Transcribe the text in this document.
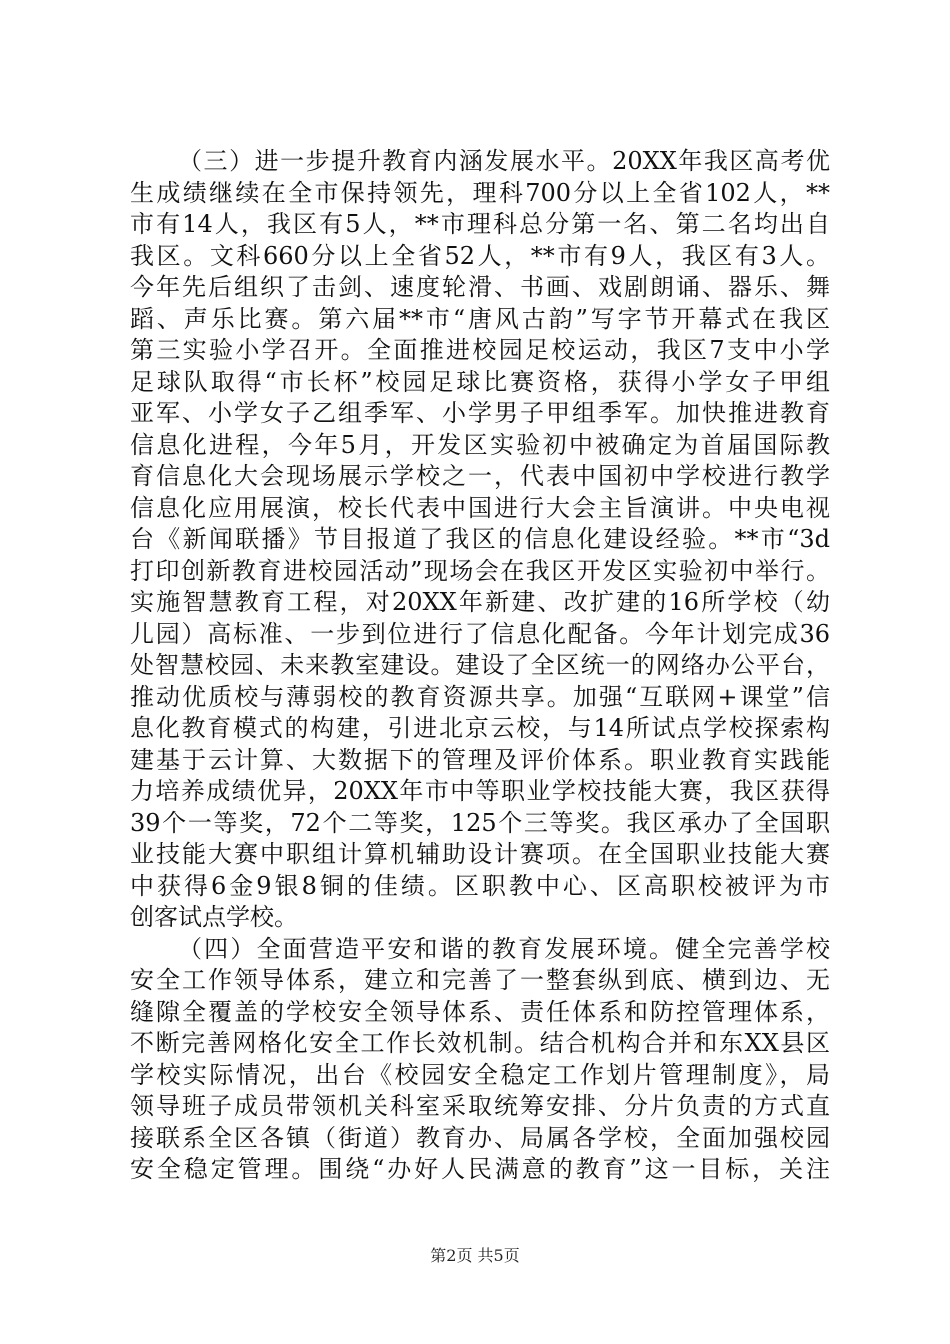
（三）进一步提升教育内涵发展水平。20XX年我区高考优
生成绩继续在全市保持领先，理科700分以上全省102人，**
市有14人，我区有5人，**市理科总分第一名、第二名均出自
我区。文科660分以上全省52人，**市有9人，我区有3人。
今年先后组织了击剑、速度轮滑、书画、戏剧朗诵、器乐、舞
蹈、声乐比赛。第六届**市“唐风古韵”写字节开幕式在我区
第三实验小学召开。全面推进校园足校运动，我区7支中小学
足球队取得“市长杯”校园足球比赛资格，获得小学女子甲组
亚军、小学女子乙组季军、小学男子甲组季军。加快推进教育
信息化进程，今年5月，开发区实验初中被确定为首届国际教
育信息化大会现场展示学校之一，代表中国初中学校进行教学
信息化应用展演，校长代表中国进行大会主旨演讲。中央电视
台《新闻联播》节目报道了我区的信息化建设经验。**市“3d
打印创新教育进校园活动”现场会在我区开发区实验初中举行。
实施智慧教育工程，对20XX年新建、改扩建的16所学校（幼
儿园）高标准、一步到位进行了信息化配备。今年计划完成36
处智慧校园、未来教室建设。建设了全区统一的网络办公平台，
推动优质校与薄弱校的教育资源共享。加强“互联网+课堂”信
息化教育模式的构建，引进北京云校，与14所试点学校探索构
建基于云计算、大数据下的管理及评价体系。职业教育实践能
力培养成绩优异，20XX年市中等职业学校技能大赛，我区获得
39个一等奖，72个二等奖，125个三等奖。我区承办了全国职
业技能大赛中职组计算机辅助设计赛项。在全国职业技能大赛
中获得6金9银8铜的佳绩。区职教中心、区高职校被评为市
创客试点学校。
（四）全面营造平安和谐的教育发展环境。健全完善学校
安全工作领导体系，建立和完善了一整套纵到底、横到边、无
缝隙全覆盖的学校安全领导体系、责任体系和防控管理体系，
不断完善网格化安全工作长效机制。结合机构合并和东XX县区
学校实际情况，出台《校园安全稳定工作划片管理制度》，局
领导班子成员带领机关科室采取统筹安排、分片负责的方式直
接联系全区各镇（街道）教育办、局属各学校，全面加强校园
安全稳定管理。围绕“办好人民满意的教育”这一目标，关注
第2页 共5页
